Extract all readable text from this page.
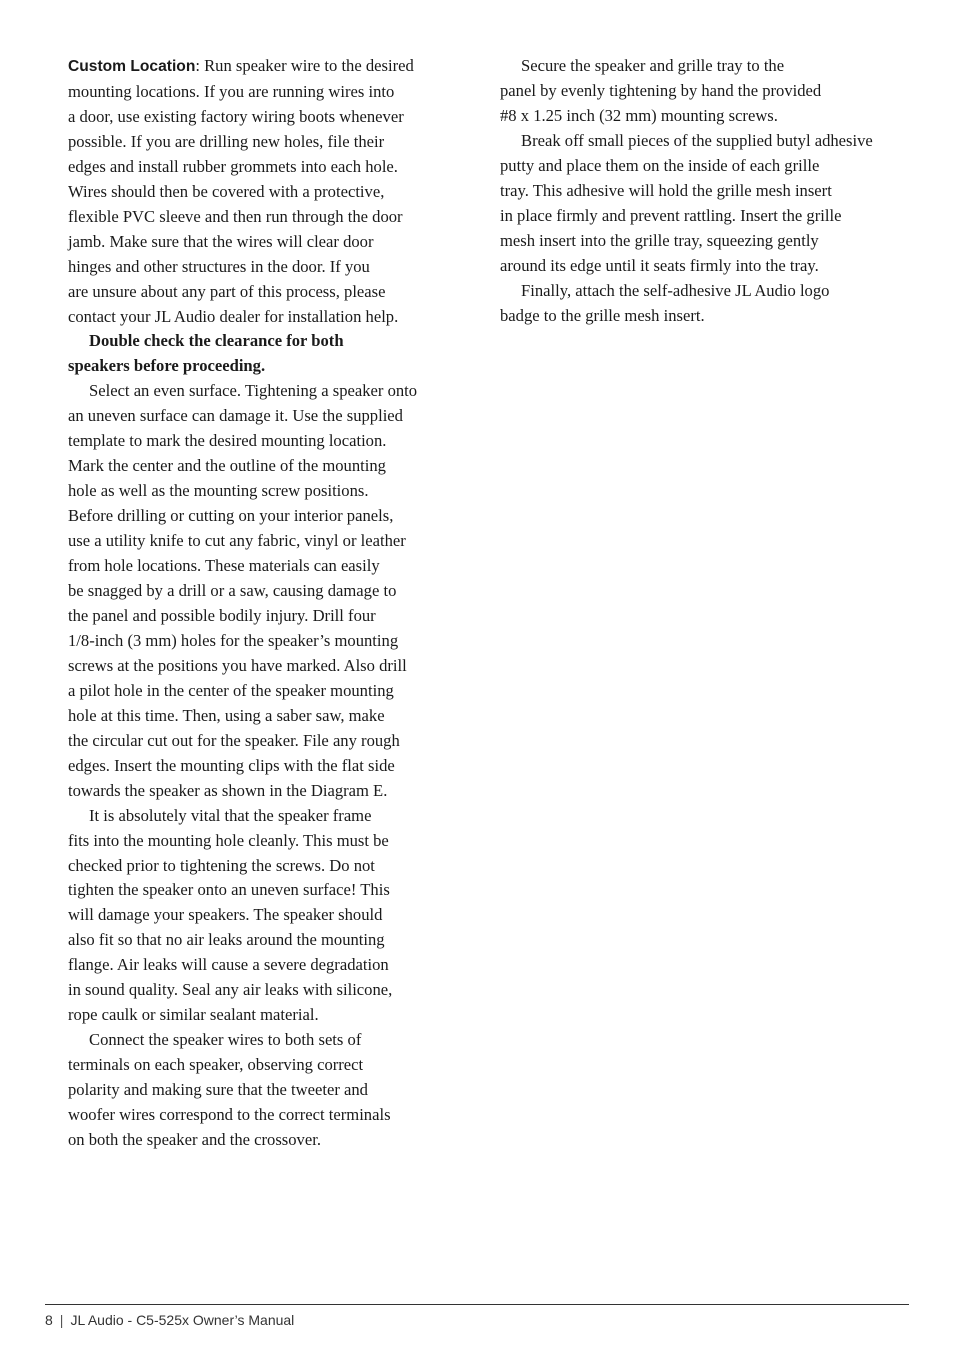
Custom Location: Run speaker wire to the desired
mounting locations. If you are running wires into
a door, use existing factory wiring boots whenever
possible. If you are drilling new holes, file their
edges and install rubber grommets into each hole.
Wires should then be covered with a protective,
flexible PVC sleeve and then run through the door
jamb. Make sure that the wires will clear door
hinges and other structures in the door. If you
are unsure about any part of this process, please
contact your JL Audio dealer for installation help.
Double check the clearance for both
speakers before proceeding.
Select an even surface. Tightening a speaker onto
an uneven surface can damage it. Use the supplied
template to mark the desired mounting location.
Mark the center and the outline of the mounting
hole as well as the mounting screw positions.
Before drilling or cutting on your interior panels,
use a utility knife to cut any fabric, vinyl or leather
from hole locations. These materials can easily
be snagged by a drill or a saw, causing damage to
the panel and possible bodily injury. Drill four
1/8-inch (3 mm) holes for the speaker’s mounting
screws at the positions you have marked. Also drill
a pilot hole in the center of the speaker mounting
hole at this time. Then, using a saber saw, make
the circular cut out for the speaker. File any rough
edges. Insert the mounting clips with the flat side
towards the speaker as shown in the Diagram E.
It is absolutely vital that the speaker frame
fits into the mounting hole cleanly. This must be
checked prior to tightening the screws. Do not
tighten the speaker onto an uneven surface! This
will damage your speakers. The speaker should
also fit so that no air leaks around the mounting
flange. Air leaks will cause a severe degradation
in sound quality. Seal any air leaks with silicone,
rope caulk or similar sealant material.
Connect the speaker wires to both sets of
terminals on each speaker, observing correct
polarity and making sure that the tweeter and
woofer wires correspond to the correct terminals
on both the speaker and the crossover.
Secure the speaker and grille tray to the
panel by evenly tightening by hand the provided
#8 x 1.25 inch (32 mm) mounting screws.
Break off small pieces of the supplied butyl adhesive
putty and place them on the inside of each grille
tray. This adhesive will hold the grille mesh insert
in place firmly and prevent rattling. Insert the grille
mesh insert into the grille tray, squeezing gently
around its edge until it seats firmly into the tray.
Finally, attach the self-adhesive JL Audio logo
badge to the grille mesh insert.
8 | JL Audio - C5-525x Owner’s Manual
